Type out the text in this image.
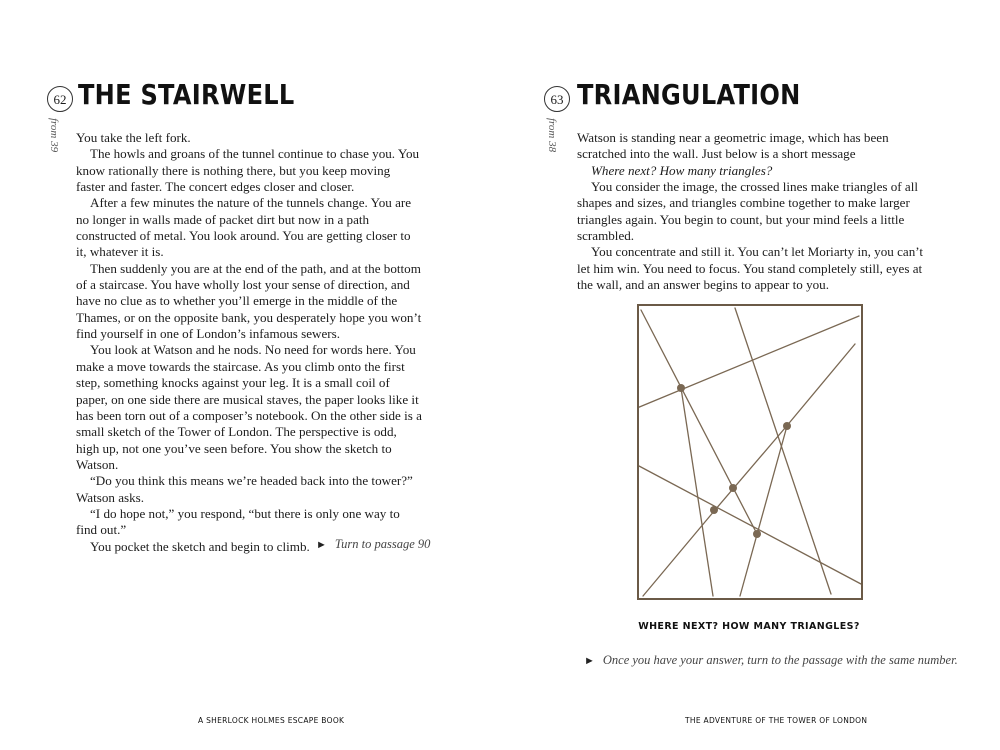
62 THE STAIRWELL
from 39 You take the left fork.

The howls and groans of the tunnel continue to chase you. You know rationally there is nothing there, but you keep moving faster and faster. The concert edges closer and closer.

After a few minutes the nature of the tunnels change. You are no longer in walls made of packet dirt but now in a path constructed of metal. You look around. You are getting closer to it, whatever it is.

Then suddenly you are at the end of the path, and at the bottom of a staircase. You have wholly lost your sense of direction, and have no clue as to whether you’ll emerge in the middle of the Thames, or on the opposite bank, you desperately hope you won’t find yourself in one of London’s infamous sewers.

You look at Watson and he nods. No need for words here. You make a move towards the staircase. As you climb onto the first step, something knocks against your leg. It is a small coil of paper, on one side there are musical staves, the paper looks like it has been torn out of a composer’s notebook. On the other side is a small sketch of the Tower of London. The perspective is odd, high up, not one you’ve seen before. You show the sketch to Watson.

“Do you think this means we’re headed back into the tower?” Watson asks.

“I do hope not,” you respond, “but there is only one way to find out.”

You pocket the sketch and begin to climb. ► Turn to passage 90
A SHERLOCK HOLMES ESCAPE BOOK
63 TRIANGULATION
from 38 Watson is standing near a geometric image, which has been scratched into the wall. Just below is a short message

Where next? How many triangles?

You consider the image, the crossed lines make triangles of all shapes and sizes, and triangles combine together to make larger triangles again. You begin to count, but your mind feels a little scrambled.

You concentrate and still it. You can’t let Moriarty in, you can’t let him win. You need to focus. You stand completely still, eyes at the wall, and an answer begins to appear to you.

WHERE NEXT? HOW MANY TRIANGLES?
► Once you have your answer, turn to the passage with the same number.
THE ADVENTURE OF THE TOWER OF LONDON
